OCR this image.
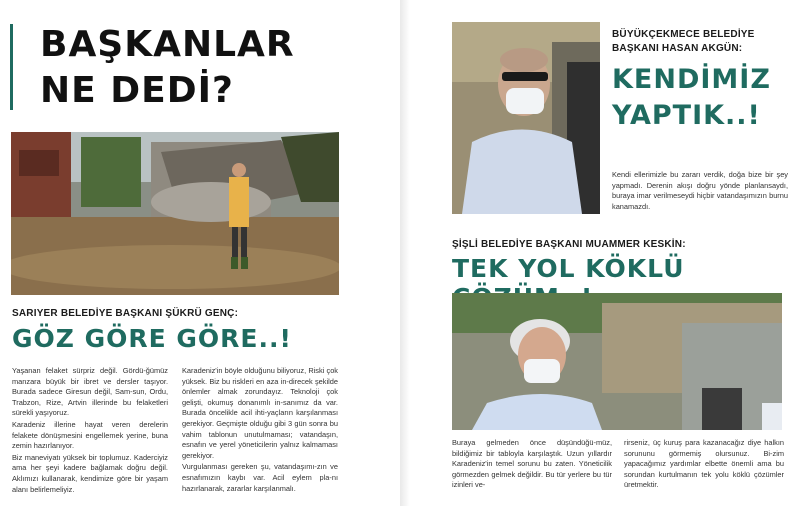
BAŞKANLAR
NE DEDİ?
SARIYER BELEDİYE BAŞKANI ŞÜKRÜ GENÇ:
GÖZ GÖRE GÖRE..!

Yaşanan felaket sürpriz değil. Gördü-ğümüz manzara büyük bir ibret ve dersler taşıyor. Burada sadece Giresun değil, Sam-sun, Ordu, Trabzon, Rize, Artvin illerinde bu felaketleri sürekli yaşıyoruz.

Karadeniz illerine hayat veren derelerin felakete dönüşmesini engellemek yerine, buna zemin hazırlanıyor.

Biz maneviyatı yüksek bir toplumuz. Kaderciyiz ama her şeyi kadere bağlamak doğru değil. Aklımızı kullanarak, kendimize göre bir yaşam alanı belirlemeliyiz.

Karadeniz'in böyle olduğunu biliyoruz, Riski çok yüksek. Biz bu riskleri en aza in-direcek şekilde önlemler almak zorundayız. Teknoloji çok gelişti, okumuş donanımlı in-sanımız da var. Burada öncelikle acil ihti-yaçların karşılanması gerekiyor. Geçmişte olduğu gibi 3 gün sonra bu vahim tablonun unutulmaması; vatandaşın, esnafın ve yerel yöneticilerin yalnız kalmaması gerekiyor.

Vurgulanması gereken şu, vatandaşımı-zın ve esnafımızın kaybı var. Acil eylem pla-nı hazırlanarak, zararlar karşılanmalı.

BÜYÜKÇEKMECE BELEDİYE BAŞKANI HASAN AKGÜN:
KENDİMİZ
YAPTIK..!
Kendi ellerimizle bu zararı verdik, doğa bize bir şey yapmadı. Derenin akışı doğru yönde planlansaydı, buraya imar verilmeseydi hiçbir vatandaşımızın burnu kanamazdı.
ŞİŞLİ BELEDİYE BAŞKANI MUAMMER KESKİN:
TEK YOL KÖKLÜ
Buraya gelmeden önce düşündüğü-müz, bildiğimiz bir tabloyla karşılaştık. Uzun yıllardır Karadeniz'in temel sorunu bu zaten. Yöneticilik görmezden gelmek değildir. Bu tür yerlere bu tür izinleri ve-
rirseniz, üç kuruş para kazanacağız diye halkın sorununu görmemiş olursunuz. Bi-zim yapacağımız yardımlar elbette önemli ama bu sorundan kurtulmanın tek yolu köklü çözümler üretmektir.
